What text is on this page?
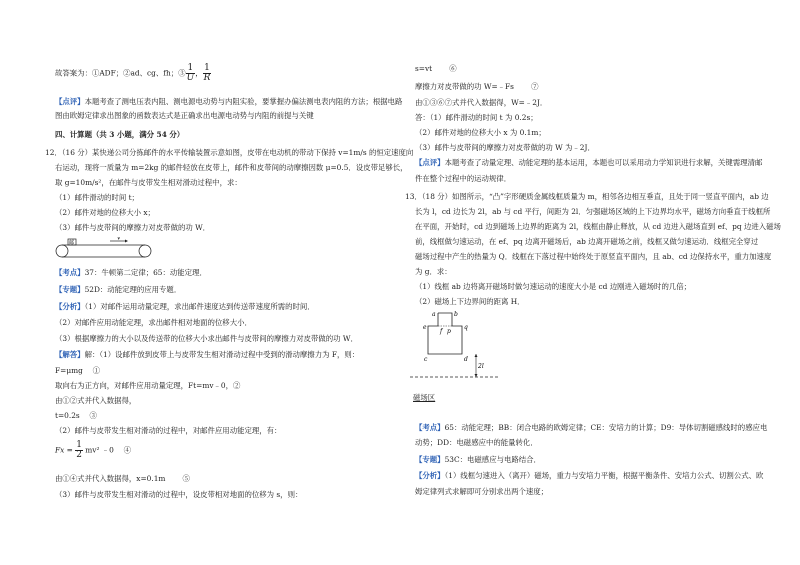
故答案为：①ADF；②ad、cg、fh；③ $\frac{1}{U}$ ， $\frac{1}{R}$
【点评】本题考查了测电压表内阻、测电源电动势与内阻实验，要掌握办偏法测电表内阻的方法；根据电路
图由欧姆定律求出图象的函数表达式是正确求出电源电动势与内阻的前提与关键
四、计算题（共 3 小题，满分 54 分）
12．（16 分）某快递公司分拣邮件的水平传输装置示意如图，皮带在电动机的带动下保持 v=1m/s 的恒定速度向
右运动，现将一质量为 m=2kg 的邮件轻放在皮带上，邮件和皮带间的动摩擦因数 μ=0.5．设皮带足够长，
取 g=10m/s²，在邮件与皮带发生相对滑动过程中，求：
（1）邮件滑动的时间 t；
（2）邮件对地的位移大小 x；
（3）邮件与皮带间的摩擦力对皮带做的功 W．
邮
v
【考点】37：牛顿第二定律；65：动能定理．
【专题】52D：动能定理的应用专题．
【分析】（1）对邮件运用动量定理，求出邮件速度达到传送带速度所需的时间．
（2）对邮件应用动能定理，求出邮件相对地面的位移大小．
（3）根据摩擦力的大小以及传送带的位移大小求出邮件与皮带间的摩擦力对皮带做的功 W．
【解答】解：（1）设邮件放到皮带上与皮带发生相对滑动过程中受到的滑动摩擦力为 F，则：
F=μmg　 ①
取向右为正方向，对邮件应用动量定理，Ft=mv﹣0，②
由①②式并代入数据得，
t=0.2s　 ③
（2）邮件与皮带发生相对滑动的过程中，对邮件应用动能定理，有：
$Fx = \frac{1}{2} mv^2$ ﹣0　 ④
由①④式并代入数据得，x=0.1m　　 ⑤
（3）邮件与皮带发生相对滑动的过程中，设皮带相对地面的位移为 s，则：
s=vt　　 ⑥
摩擦力对皮带做的功 W=﹣Fs　　 ⑦
由①③⑥⑦式并代入数据得，W=﹣2J．
答：（1）邮件滑动的时间 t 为 0.2s；
（2）邮件对地的位移大小 x 为 0.1m；
（3）邮件与皮带间的摩擦力对皮带做的功 W 为﹣2J．
【点评】本题考查了动量定理、动能定理的基本运用，本题也可以采用动力学知识进行求解，关键需理清邮
件在整个过程中的运动规律．
13．（18 分）如图所示，“凸”字形硬质金属线框质量为 m，相邻各边相互垂直，且处于同一竖直平面内，ab 边
长为 l，cd 边长为 2l，ab 与 cd 平行，间距为 2l．匀强磁场区域的上下边界均水平，磁场方向垂直于线框所
在平面，开始时，cd 边到磁场上边界的距离为 2l，线框由静止释放，从 cd 边进入磁场直到 ef、pq 边进入磁场
前，线框做匀速运动，在 ef、pq 边离开磁场后，ab 边离开磁场之前，线框又做匀速运动．线框完全穿过
磁场过程中产生的热量为 Q．线框在下落过程中始终处于原竖直平面内，且 ab、cd 边保持水平，重力加速度
为 g．求：
（1）线框 ab 边将离开磁场时做匀速运动的速度大小是 cd 边刚进入磁场时的几倍；
（2）磁场上下边界间的距离 H．
a	b
e
f p
q
c	d
2l
磁场区
【考点】65：动能定理；BB：闭合电路的欧姆定律；CE：安培力的计算；D9：导体切割磁感线时的感应电
动势；DD：电磁感应中的能量转化．
【专题】53C：电磁感应与电路结合．
【分析】（1）线框匀速进入（离开）磁场，重力与安培力平衡，根据平衡条件、安培力公式、切割公式、欧
姆定律列式求解即可分别求出两个速度；
